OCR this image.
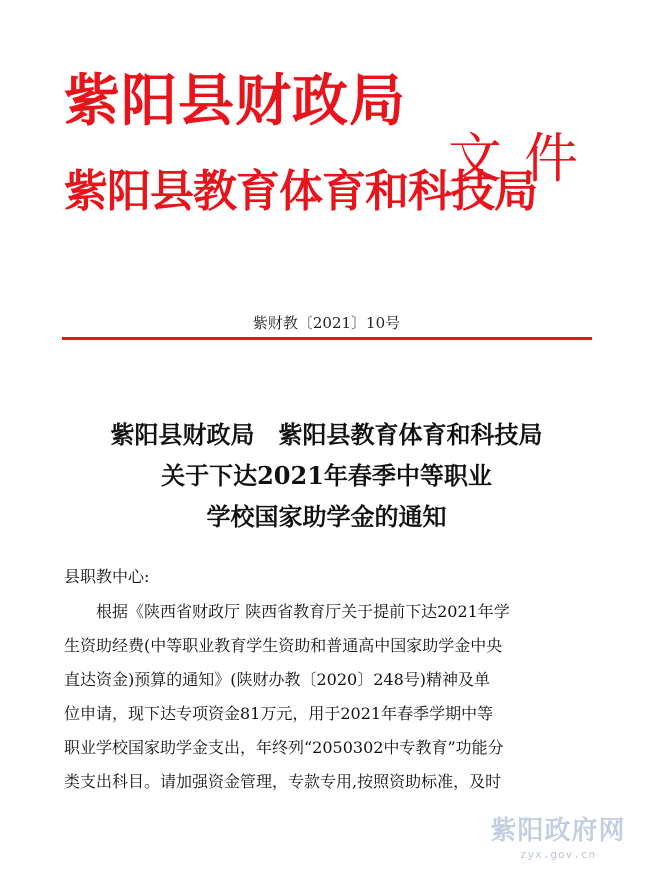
紫阳县财政局
紫阳县教育体育和科技局
文件
紫财教〔2021〕10号
紫阳县财政局　紫阳县教育体育和科技局
关于下达2021年春季中等职业
学校国家助学金的通知
县职教中心:
根据《陕西省财政厅 陕西省教育厅关于提前下达2021年学
生资助经费(中等职业教育学生资助和普通高中国家助学金中央
直达资金)预算的通知》(陕财办教〔2020〕248号)精神及单
位申请，现下达专项资金81万元，用于2021年春季学期中等
职业学校国家助学金支出，年终列“2050302中专教育”功能分
类支出科目。请加强资金管理，专款专用,按照资助标准，及时
紫阳政府网
zyx.gov.cn
